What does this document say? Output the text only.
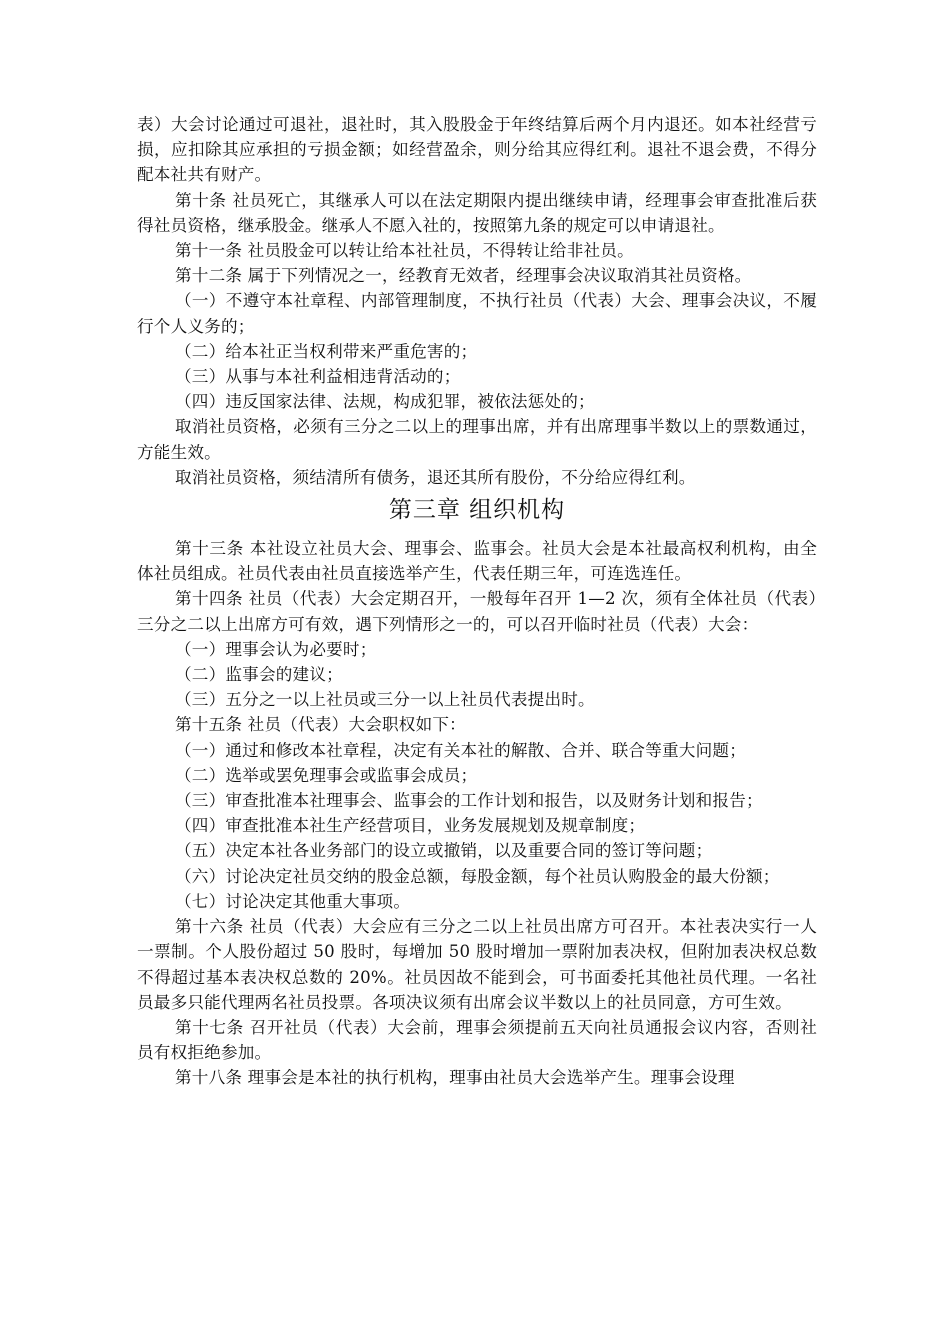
表）大会讨论通过可退社，退社时，其入股股金于年终结算后两个月内退还。如本社经营亏损，应扣除其应承担的亏损金额；如经营盈余，则分给其应得红利。退社不退会费，不得分配本社共有财产。

第十条 社员死亡，其继承人可以在法定期限内提出继续申请，经理事会审查批准后获得社员资格，继承股金。继承人不愿入社的，按照第九条的规定可以申请退社。

第十一条 社员股金可以转让给本社社员，不得转让给非社员。

第十二条 属于下列情况之一，经教育无效者，经理事会决议取消其社员资格。

（一）不遵守本社章程、内部管理制度，不执行社员（代表）大会、理事会决议，不履行个人义务的；

（二）给本社正当权利带来严重危害的；

（三）从事与本社利益相违背活动的；

（四）违反国家法律、法规，构成犯罪，被依法惩处的；

取消社员资格，必须有三分之二以上的理事出席，并有出席理事半数以上的票数通过，方能生效。

取消社员资格，须结清所有债务，退还其所有股份，不分给应得红利。

第三章 组织机构

第十三条 本社设立社员大会、理事会、监事会。社员大会是本社最高权利机构，由全体社员组成。社员代表由社员直接选举产生，代表任期三年，可连选连任。

第十四条 社员（代表）大会定期召开，一般每年召开 1—2 次，须有全体社员（代表）三分之二以上出席方可有效，遇下列情形之一的，可以召开临时社员（代表）大会：

（一）理事会认为必要时；

（二）监事会的建议；

（三）五分之一以上社员或三分一以上社员代表提出时。

第十五条 社员（代表）大会职权如下：

（一）通过和修改本社章程，决定有关本社的解散、合并、联合等重大问题；

（二）选举或罢免理事会或监事会成员；

（三）审查批准本社理事会、监事会的工作计划和报告，以及财务计划和报告；

（四）审查批准本社生产经营项目，业务发展规划及规章制度；

（五）决定本社各业务部门的设立或撤销，以及重要合同的签订等问题；

（六）讨论决定社员交纳的股金总额，每股金额，每个社员认购股金的最大份额；

（七）讨论决定其他重大事项。

第十六条 社员（代表）大会应有三分之二以上社员出席方可召开。本社表决实行一人一票制。个人股份超过 50 股时，每增加 50 股时增加一票附加表决权，但附加表决权总数不得超过基本表决权总数的 20%。社员因故不能到会，可书面委托其他社员代理。一名社员最多只能代理两名社员投票。各项决议须有出席会议半数以上的社员同意，方可生效。

第十七条 召开社员（代表）大会前，理事会须提前五天向社员通报会议内容，否则社员有权拒绝参加。

第十八条 理事会是本社的执行机构，理事由社员大会选举产生。理事会设理
